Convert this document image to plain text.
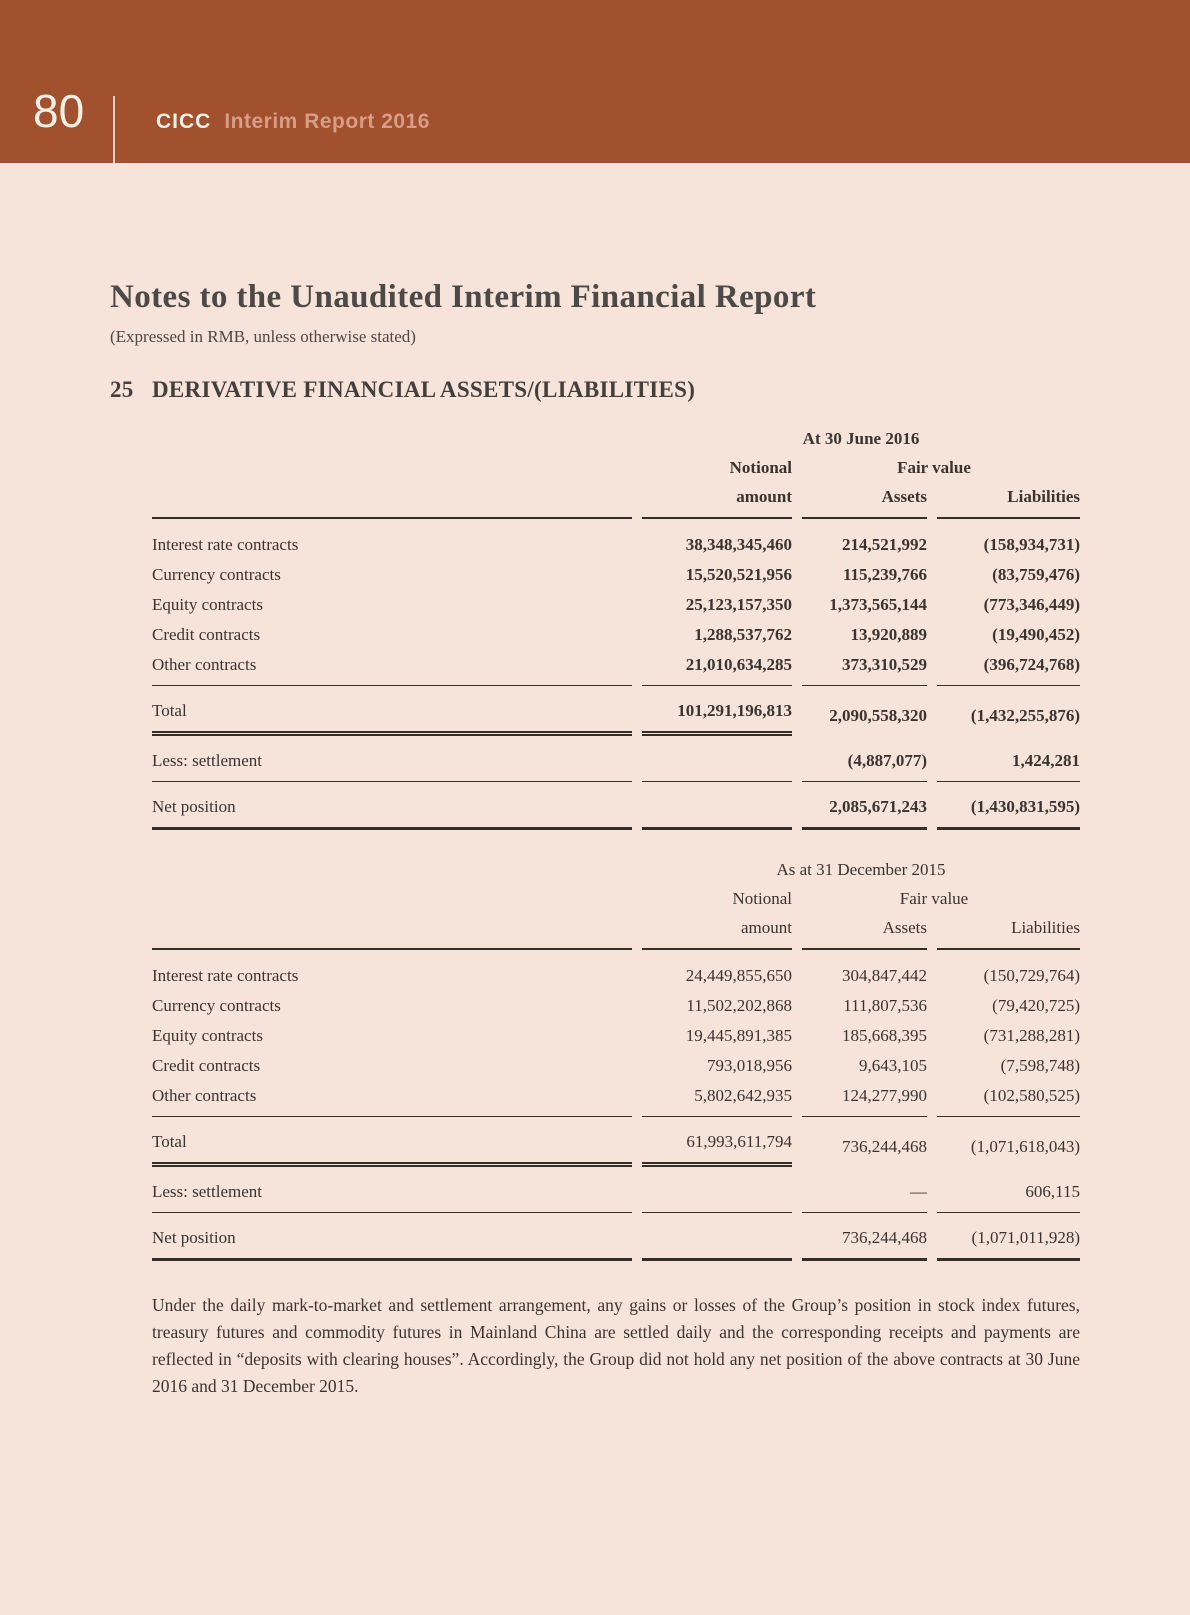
80	CICC Interim Report 2016
Notes to the Unaudited Interim Financial Report
(Expressed in RMB, unless otherwise stated)
25 DERIVATIVE FINANCIAL ASSETS/(LIABILITIES)
	At 30 June 2016		
	Notional	Fair value	
	amount	Assets	Liabilities
Interest rate contracts	38,348,345,460	214,521,992	(158,934,731)
Currency contracts	15,520,521,956	115,239,766	(83,759,476)
Equity contracts	25,123,157,350	1,373,565,144	(773,346,449)
Credit contracts	1,288,537,762	13,920,889	(19,490,452)
Other contracts	21,010,634,285	373,310,529	(396,724,768)
Total	101,291,196,813	2,090,558,320	(1,432,255,876)
Less: settlement		(4,887,077)	1,424,281
Net position		2,085,671,243	(1,430,831,595)
	As at 31 December 2015		
	Notional	Fair value	
	amount	Assets	Liabilities
Interest rate contracts	24,449,855,650	304,847,442	(150,729,764)
Currency contracts	11,502,202,868	111,807,536	(79,420,725)
Equity contracts	19,445,891,385	185,668,395	(731,288,281)
Credit contracts	793,018,956	9,643,105	(7,598,748)
Other contracts	5,802,642,935	124,277,990	(102,580,525)
Total	61,993,611,794	736,244,468	(1,071,618,043)
Less: settlement		—	606,115
Net position		736,244,468	(1,071,011,928)

Under the daily mark-to-market and settlement arrangement, any gains or losses of the Group’s position in stock index futures, treasury futures and commodity futures in Mainland China are settled daily and the corresponding receipts and payments are reflected in “deposits with clearing houses”. Accordingly, the Group did not hold any net position of the above contracts at 30 June 2016 and 31 December 2015.
